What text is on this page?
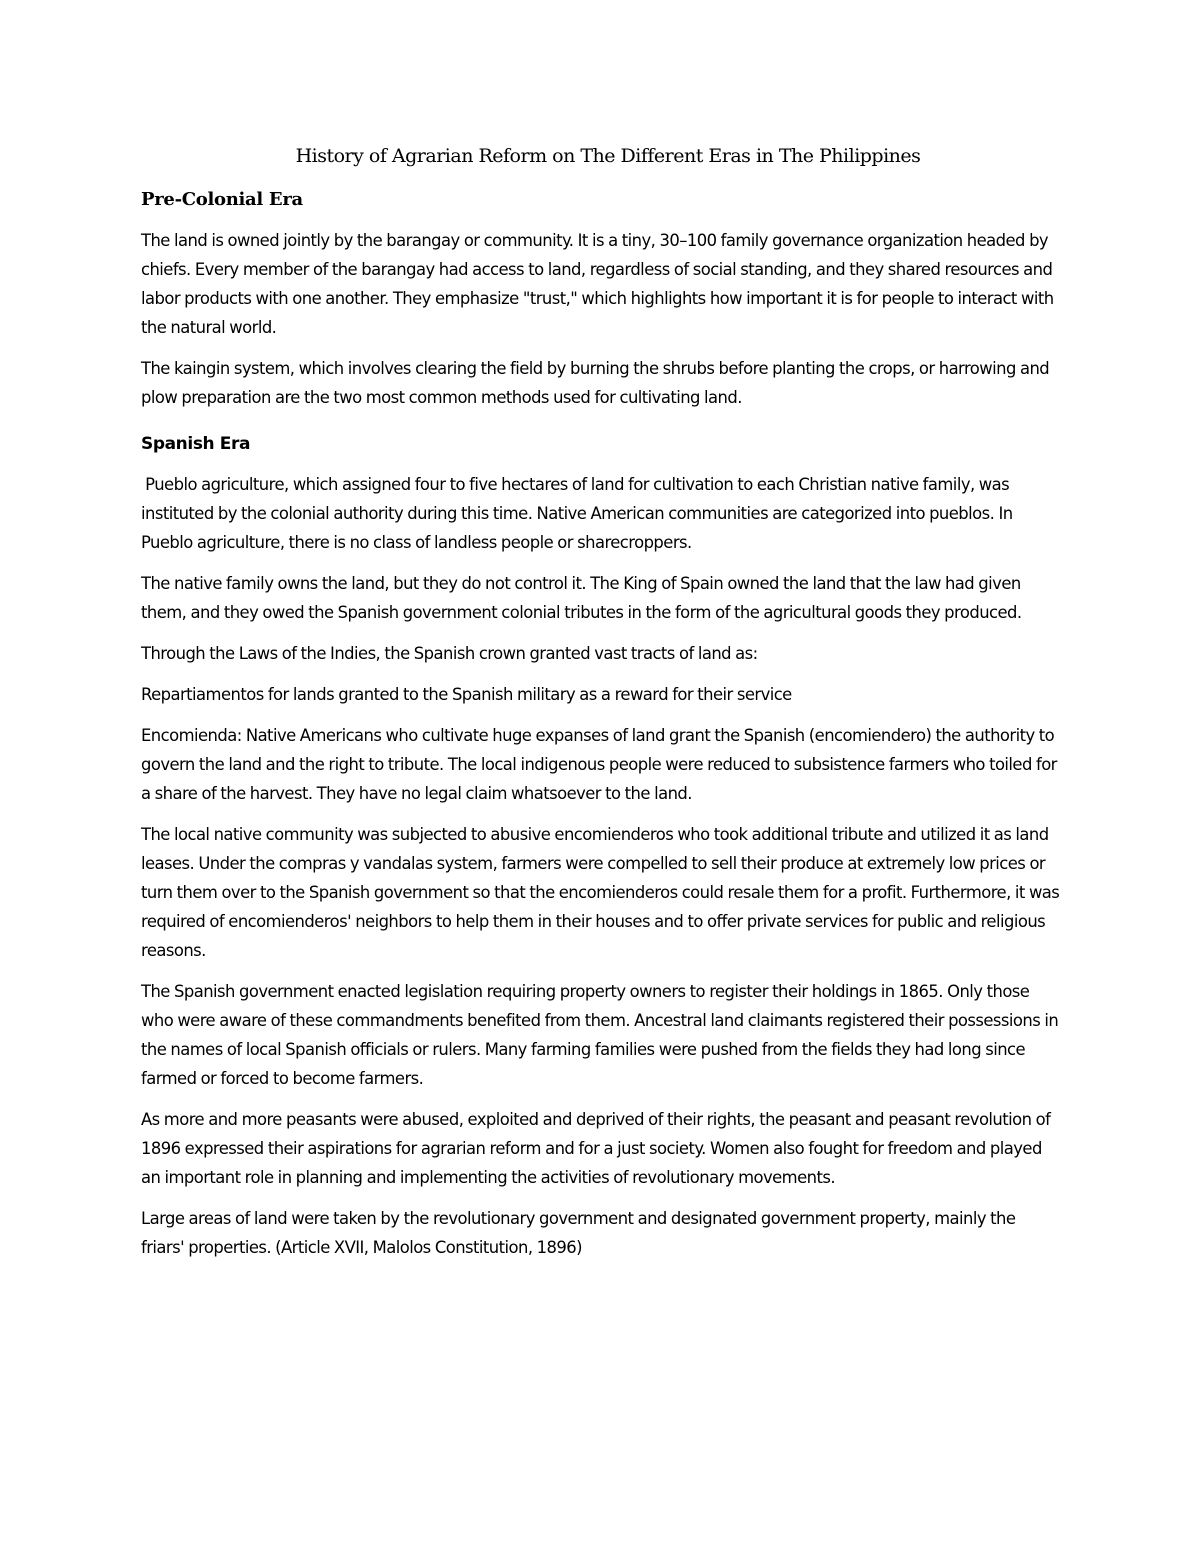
History of Agrarian Reform on The Different Eras in The Philippines
Pre-Colonial Era

The land is owned jointly by the barangay or community. It is a tiny, 30–100 family governance organization headed by chiefs. Every member of the barangay had access to land, regardless of social standing, and they shared resources and labor products with one another. They emphasize "trust," which highlights how important it is for people to interact with the natural world.

The kaingin system, which involves clearing the field by burning the shrubs before planting the crops, or harrowing and plow preparation are the two most common methods used for cultivating land.

Spanish Era

Pueblo agriculture, which assigned four to five hectares of land for cultivation to each Christian native family, was instituted by the colonial authority during this time. Native American communities are categorized into pueblos. In Pueblo agriculture, there is no class of landless people or sharecroppers.

The native family owns the land, but they do not control it. The King of Spain owned the land that the law had given them, and they owed the Spanish government colonial tributes in the form of the agricultural goods they produced.

Through the Laws of the Indies, the Spanish crown granted vast tracts of land as:

Repartiamentos for lands granted to the Spanish military as a reward for their service

Encomienda: Native Americans who cultivate huge expanses of land grant the Spanish (encomiendero) the authority to govern the land and the right to tribute. The local indigenous people were reduced to subsistence farmers who toiled for a share of the harvest. They have no legal claim whatsoever to the land.

The local native community was subjected to abusive encomienderos who took additional tribute and utilized it as land leases. Under the compras y vandalas system, farmers were compelled to sell their produce at extremely low prices or turn them over to the Spanish government so that the encomienderos could resale them for a profit. Furthermore, it was required of encomienderos' neighbors to help them in their houses and to offer private services for public and religious reasons.

The Spanish government enacted legislation requiring property owners to register their holdings in 1865. Only those who were aware of these commandments benefited from them. Ancestral land claimants registered their possessions in the names of local Spanish officials or rulers. Many farming families were pushed from the fields they had long since farmed or forced to become farmers.

As more and more peasants were abused, exploited and deprived of their rights, the peasant and peasant revolution of 1896 expressed their aspirations for agrarian reform and for a just society. Women also fought for freedom and played an important role in planning and implementing the activities of revolutionary movements.

Large areas of land were taken by the revolutionary government and designated government property, mainly the friars' properties. (Article XVII, Malolos Constitution, 1896)
